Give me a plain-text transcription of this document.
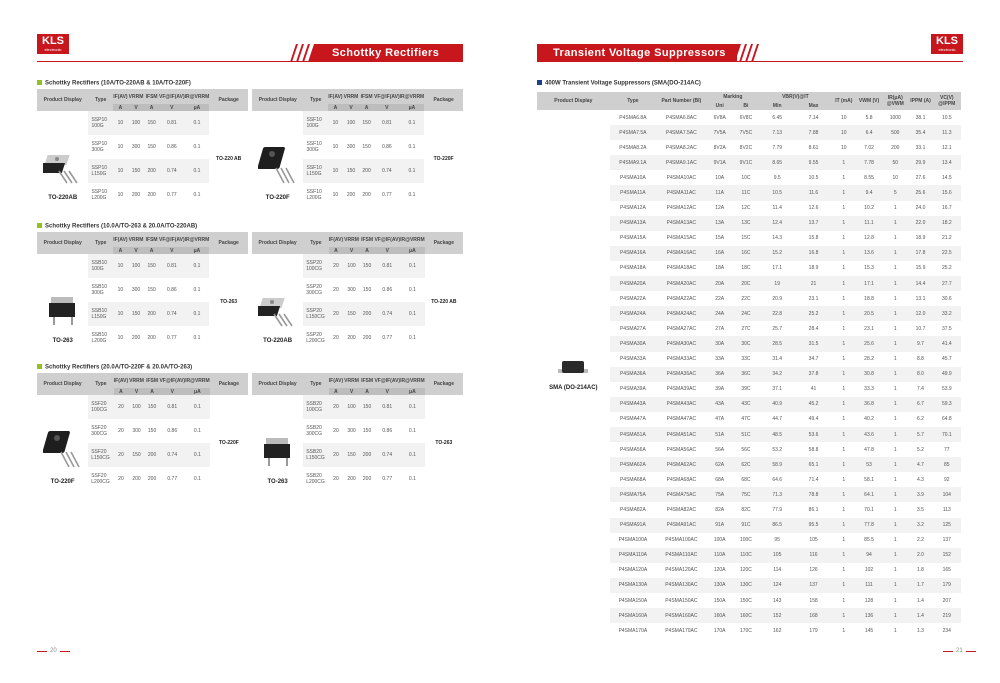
KLS
electronic	Schottky Rectifiers	Transient Voltage Suppressors
KLS
electronic
Schottky Rectifiers (10A/TO-220AB & 10A/TO-220F)
Schottky Rectifiers (10.0A/TO-263 & 20.0A/TO-220AB)
Schottky Rectifiers (20.0A/TO-220F & 20.0A/TO-263)
400W Transient Voltage Suppressors (SMA(DO-214AC)
Product Display	Type	IF(AV)	VRRM	IFSM	VF@IF(AV)	IR@VRRM	Package
		A	V	A	V	μA	

TO-220AB	SSP10 100G	10	100	150	0.81	0.1	TO-220 AB
	SSP10 300G	10	300	150	0.86	0.1	
	SSP10 L150G	10	150	200	0.74	0.1	
	SSP10 L200G	10	200	200	0.77	0.1	
Product Display	Type	IF(AV)	VRRM	IFSM	VF@IF(AV)	IR@VRRM	Package
		A	V	A	V	μA	

TO-220F	SSF10 100G	10	100	150	0.81	0.1	TO-220F
	SSF10 300G	10	300	150	0.86	0.1	
	SSF10 L150G	10	150	200	0.74	0.1	
	SSF10 L200G	10	200	200	0.77	0.1	
Product Display	Type	IF(AV)	VRRM	IFSM	VF@IF(AV)	IR@VRRM	Package
		A	V	A	V	μA	

TO-263	SSB10 100G	10	100	150	0.81	0.1	TO-263
	SSB10 300G	10	300	150	0.86	0.1	
	SSB10 L150G	10	150	200	0.74	0.1	
	SSB10 L200G	10	200	200	0.77	0.1	
Product Display	Type	IF(AV)	VRRM	IFSM	VF@IF(AV)	IR@VRRM	Package
		A	V	A	V	μA	

TO-220AB	SSP20 100CG	20	100	150	0.81	0.1	TO-220 AB
	SSP20 300CG	20	300	150	0.86	0.1	
	SSP20 L150CG	20	150	200	0.74	0.1	
	SSP20 L200CG	20	200	200	0.77	0.1	
Product Display	Type	IF(AV)	VRRM	IFSM	VF@IF(AV)	IR@VRRM	Package
		A	V	A	V	μA	

TO-220F	SSF20 100CG	20	100	150	0.81	0.1	TO-220F
	SSF20 300CG	20	300	150	0.86	0.1	
	SSF20 L150CG	20	150	200	0.74	0.1	
	SSF20 L200CG	20	200	200	0.77	0.1	
Product Display	Type	IF(AV)	VRRM	IFSM	VF@IF(AV)	IR@VRRM	Package
		A	V	A	V	μA	

TO-263	SSB20 100CG	20	100	150	0.81	0.1	TO-263
	SSB20 300CG	20	300	150	0.86	0.1	
	SSB20 L150CG	20	150	200	0.74	0.1	
	SSB20 L200CG	20	200	200	0.77	0.1	
Product Display	Type	Part Number (BI)	Marking		VBR(V)@IT		IT (mA)	VWM (V)	IR(μA) @VWM	IPPM (A)	VC(V) @IPPM
			Uni	Bi	Min	Max					

SMA (DO-214AC)	P4SMA6.8A	P4SMA6.8AC	6V8A	6V8C	6.45	7.14	10	5.8	1000	38.1	10.5
	P4SMA7.5A	P4SMA7.5AC	7V5A	7V5C	7.13	7.88	10	6.4	500	35.4	11.3
	P4SMA8.2A	P4SMA8.2AC	8V2A	8V2C	7.79	8.61	10	7.02	200	33.1	12.1
	P4SMA9.1A	P4SMA9.1AC	9V1A	9V1C	8.65	9.55	1	7.78	50	29.9	13.4
	P4SMA10A	P4SMA10AC	10A	10C	9.5	10.5	1	8.55	10	27.6	14.5
	P4SMA11A	P4SMA11AC	11A	11C	10.5	11.6	1	9.4	5	25.6	15.6
	P4SMA12A	P4SMA12AC	12A	12C	11.4	12.6	1	10.2	1	24.0	16.7
	P4SMA13A	P4SMA13AC	13A	13C	12.4	13.7	1	11.1	1	22.0	18.2
	P4SMA15A	P4SMA15AC	15A	15C	14.3	15.8	1	12.8	1	18.9	21.2
	P4SMA16A	P4SMA16AC	16A	16C	15.2	16.8	1	13.6	1	17.8	22.5
	P4SMA18A	P4SMA18AC	18A	18C	17.1	18.9	1	15.3	1	15.9	25.2
	P4SMA20A	P4SMA20AC	20A	20C	19	21	1	17.1	1	14.4	27.7
	P4SMA22A	P4SMA22AC	22A	22C	20.9	23.1	1	18.8	1	13.1	30.6
	P4SMA24A	P4SMA24AC	24A	24C	22.8	25.2	1	20.5	1	12.0	33.2
	P4SMA27A	P4SMA27AC	27A	27C	25.7	28.4	1	23.1	1	10.7	37.5
	P4SMA30A	P4SMA30AC	30A	30C	28.5	31.5	1	25.6	1	9.7	41.4
	P4SMA33A	P4SMA33AC	33A	33C	31.4	34.7	1	28.2	1	8.8	45.7
	P4SMA36A	P4SMA36AC	36A	36C	34.2	37.8	1	30.8	1	8.0	49.9
	P4SMA39A	P4SMA39AC	39A	39C	37.1	41	1	33.3	1	7.4	53.9
	P4SMA43A	P4SMA43AC	43A	43C	40.9	45.2	1	36.8	1	6.7	59.3
	P4SMA47A	P4SMA47AC	47A	47C	44.7	49.4	1	40.2	1	6.2	64.8
	P4SMA51A	P4SMA51AC	51A	51C	48.5	53.6	1	43.6	1	5.7	70.1
	P4SMA56A	P4SMA56AC	56A	56C	53.2	58.8	1	47.8	1	5.2	77
	P4SMA62A	P4SMA62AC	62A	62C	58.9	65.1	1	53	1	4.7	85
	P4SMA68A	P4SMA68AC	68A	68C	64.6	71.4	1	58.1	1	4.3	92
	P4SMA75A	P4SMA75AC	75A	75C	71.3	78.8	1	64.1	1	3.9	104
	P4SMA82A	P4SMA82AC	82A	82C	77.9	86.1	1	70.1	1	3.5	113
	P4SMA91A	P4SMA91AC	91A	91C	86.5	95.5	1	77.8	1	3.2	125
	P4SMA100A	P4SMA100AC	100A	100C	95	105	1	85.5	1	2.2	137
	P4SMA110A	P4SMA110AC	110A	110C	105	116	1	94	1	2.0	152
	P4SMA120A	P4SMA120AC	120A	120C	114	126	1	102	1	1.8	165
	P4SMA130A	P4SMA130AC	130A	130C	124	137	1	111	1	1.7	179
	P4SMA150A	P4SMA150AC	150A	150C	143	158	1	128	1	1.4	207
	P4SMA160A	P4SMA160AC	160A	160C	152	168	1	136	1	1.4	219
	P4SMA170A	P4SMA170AC	170A	170C	162	179	1	145	1	1.3	234
20	21
